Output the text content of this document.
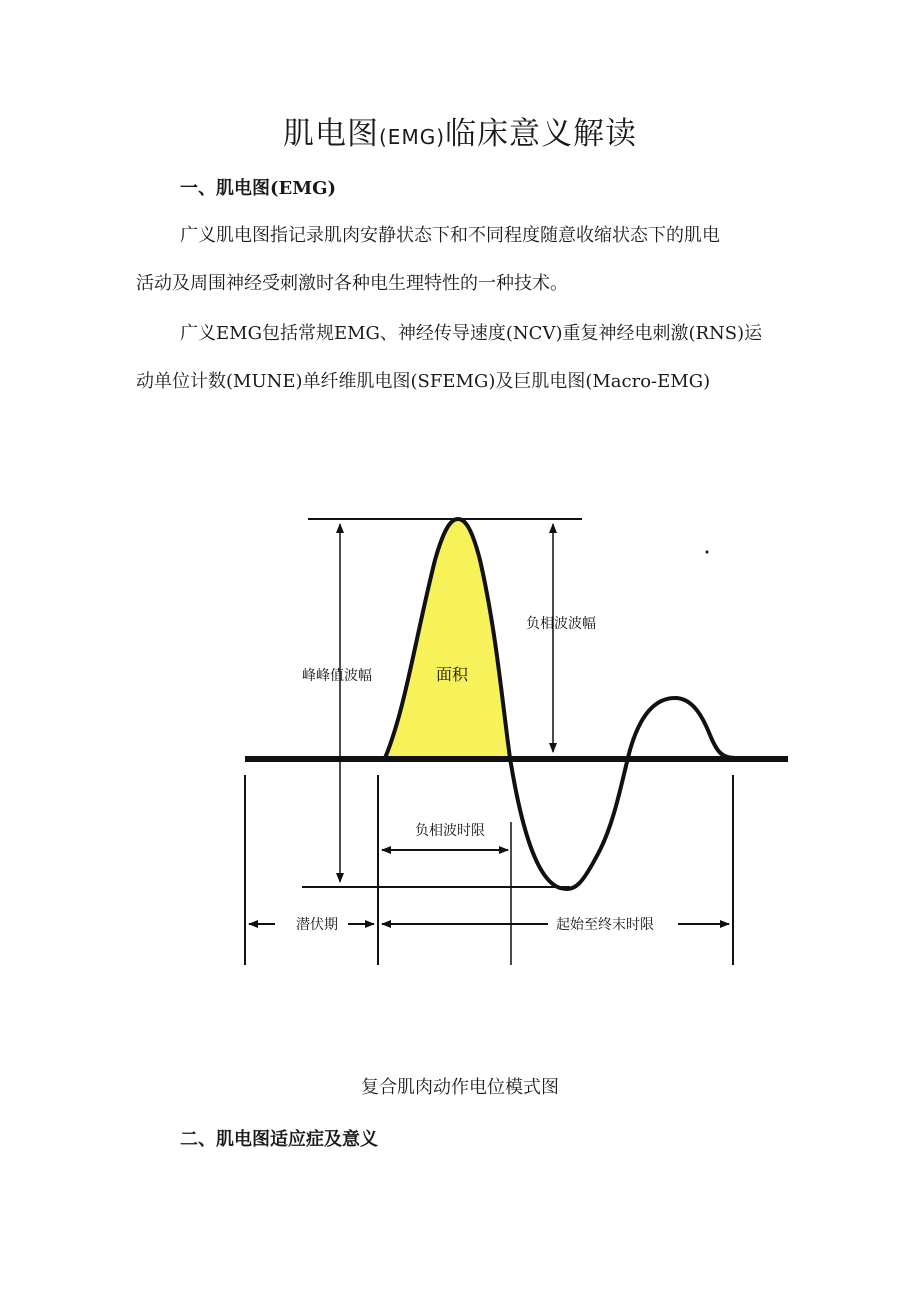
肌电图(EMG)临床意义解读
一、肌电图(EMG)
广义肌电图指记录肌肉安静状态下和不同程度随意收缩状态下的肌电
活动及周围神经受刺激时各种电生理特性的一种技术。
广义EMG包括常规EMG、神经传导速度(NCV)重复神经电刺激(RNS)运
动单位计数(MUNE)单纤维肌电图(SFEMG)及巨肌电图(Macro-EMG)
负相波波幅
峰峰值波幅	面积
负相波时限
潜伏期	起始至终末时限
复合肌肉动作电位模式图
二、肌电图适应症及意义
